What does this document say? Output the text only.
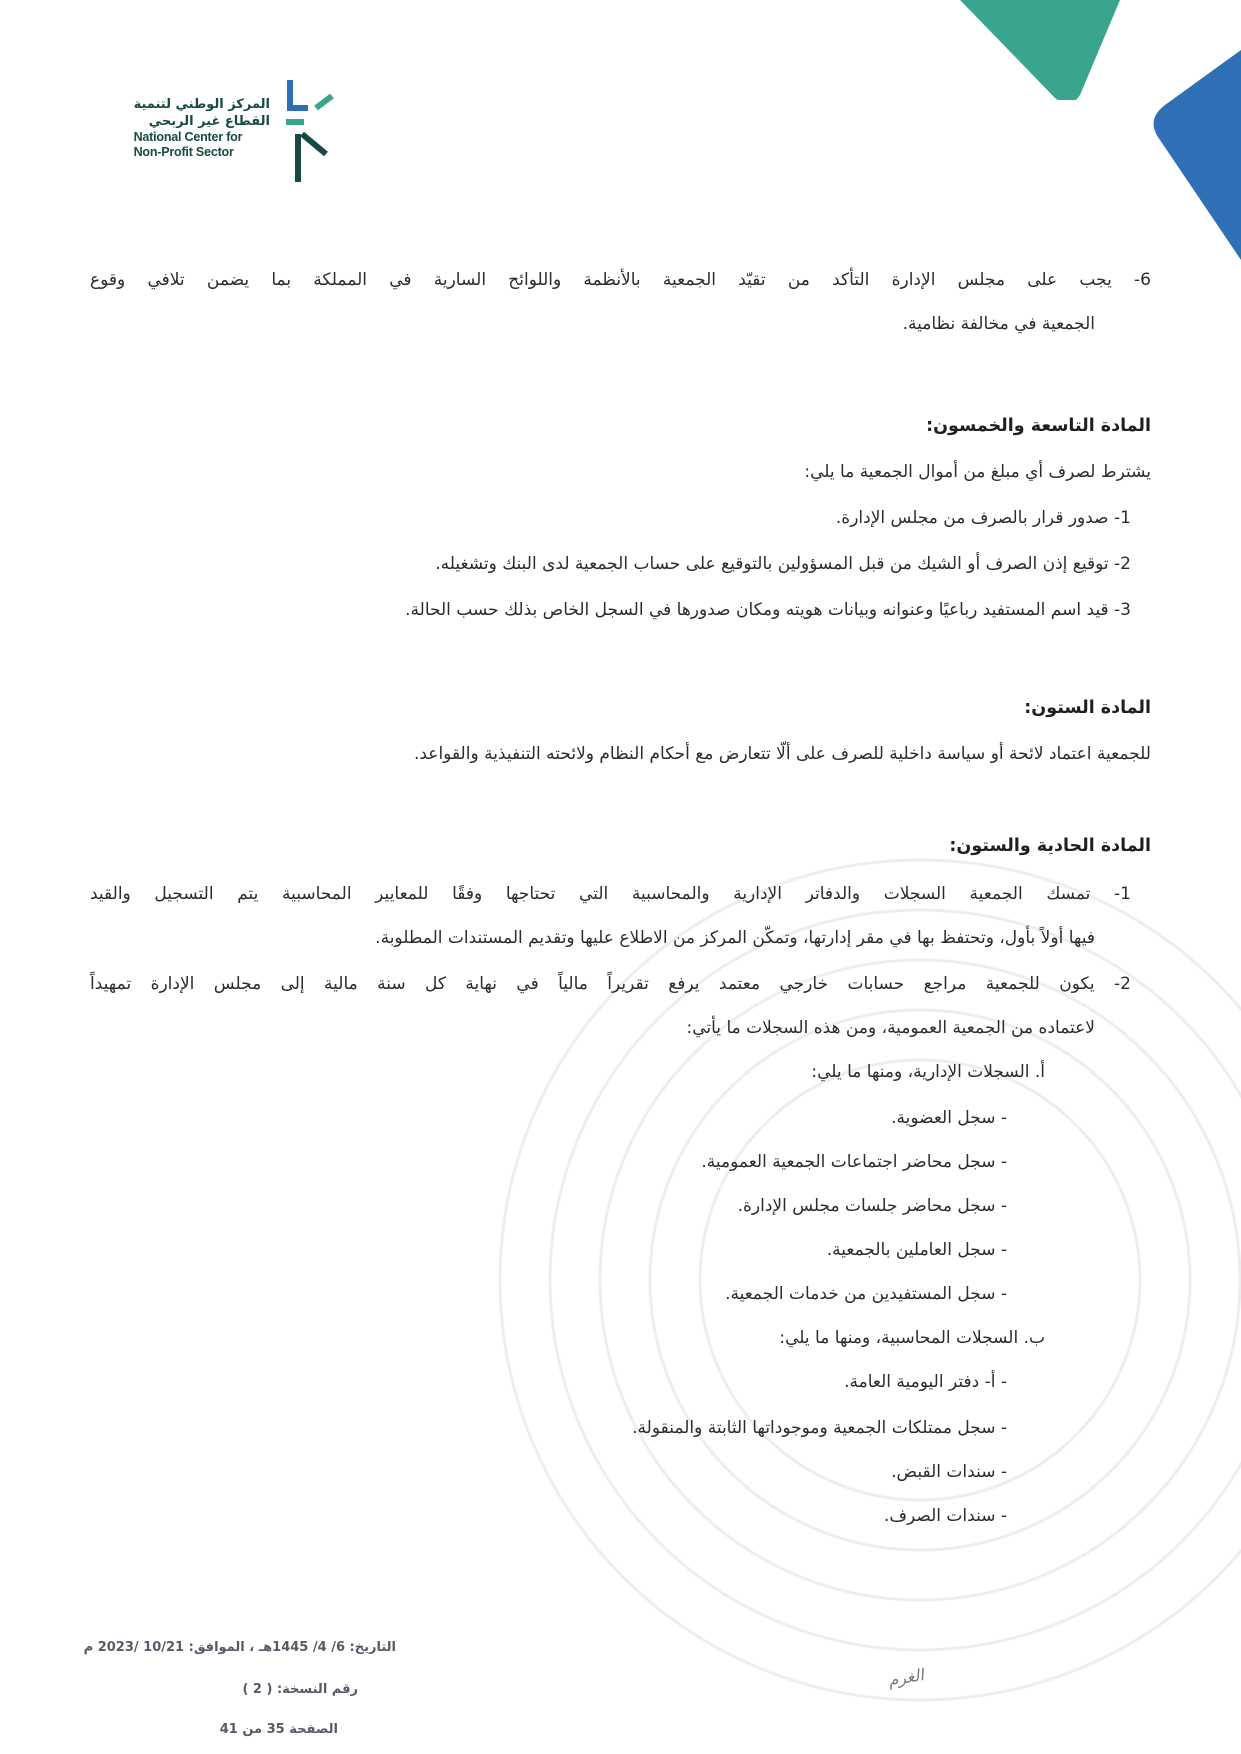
المركز الوطني لتنمية
القطاع غير الربحي
National Center for
Non-Profit Sector
6- يجب على مجلس الإدارة التأكد من تقيّد الجمعية بالأنظمة واللوائح السارية في المملكة بما يضمن تلافي وقوع
الجمعية في مخالفة نظامية.
المادة التاسعة والخمسون:
يشترط لصرف أي مبلغ من أموال الجمعية ما يلي:
1- صدور قرار بالصرف من مجلس الإدارة.
2- توقيع إذن الصرف أو الشيك من قبل المسؤولين بالتوقيع على حساب الجمعية لدى البنك وتشغيله.
3- قيد اسم المستفيد رباعيًا وعنوانه وبيانات هويته ومكان صدورها في السجل الخاص بذلك حسب الحالة.
المادة الستون:
للجمعية اعتماد لائحة أو سياسة داخلية للصرف على ألّا تتعارض مع أحكام النظام ولائحته التنفيذية والقواعد.
المادة الحادية والستون:
1- تمسك الجمعية السجلات والدفاتر الإدارية والمحاسبية التي تحتاجها وفقًا للمعايير المحاسبية يتم التسجيل والقيد
فيها أولاً بأول، وتحتفظ بها في مقر إدارتها، وتمكّن المركز من الاطلاع عليها وتقديم المستندات المطلوبة.
2- يكون للجمعية مراجع حسابات خارجي معتمد يرفع تقريراً مالياً في نهاية كل سنة مالية إلى مجلس الإدارة تمهيداً
لاعتماده من الجمعية العمومية، ومن هذه السجلات ما يأتي:
أ. السجلات الإدارية، ومنها ما يلي:
- سجل العضوية.
- سجل محاضر اجتماعات الجمعية العمومية.
- سجل محاضر جلسات مجلس الإدارة.
- سجل العاملين بالجمعية.
- سجل المستفيدين من خدمات الجمعية.
ب. السجلات المحاسبية، ومنها ما يلي:
- أ- دفتر اليومية العامة.
- سجل ممتلكات الجمعية وموجوداتها الثابتة والمنقولة.
- سندات القبض.
- سندات الصرف.
التاريخ: 6/ 4/ 1445هـ ، الموافق: 10/21 /2023 م
رقم النسخة: ( 2 )
الصفحة 35 من 41
الغرم
